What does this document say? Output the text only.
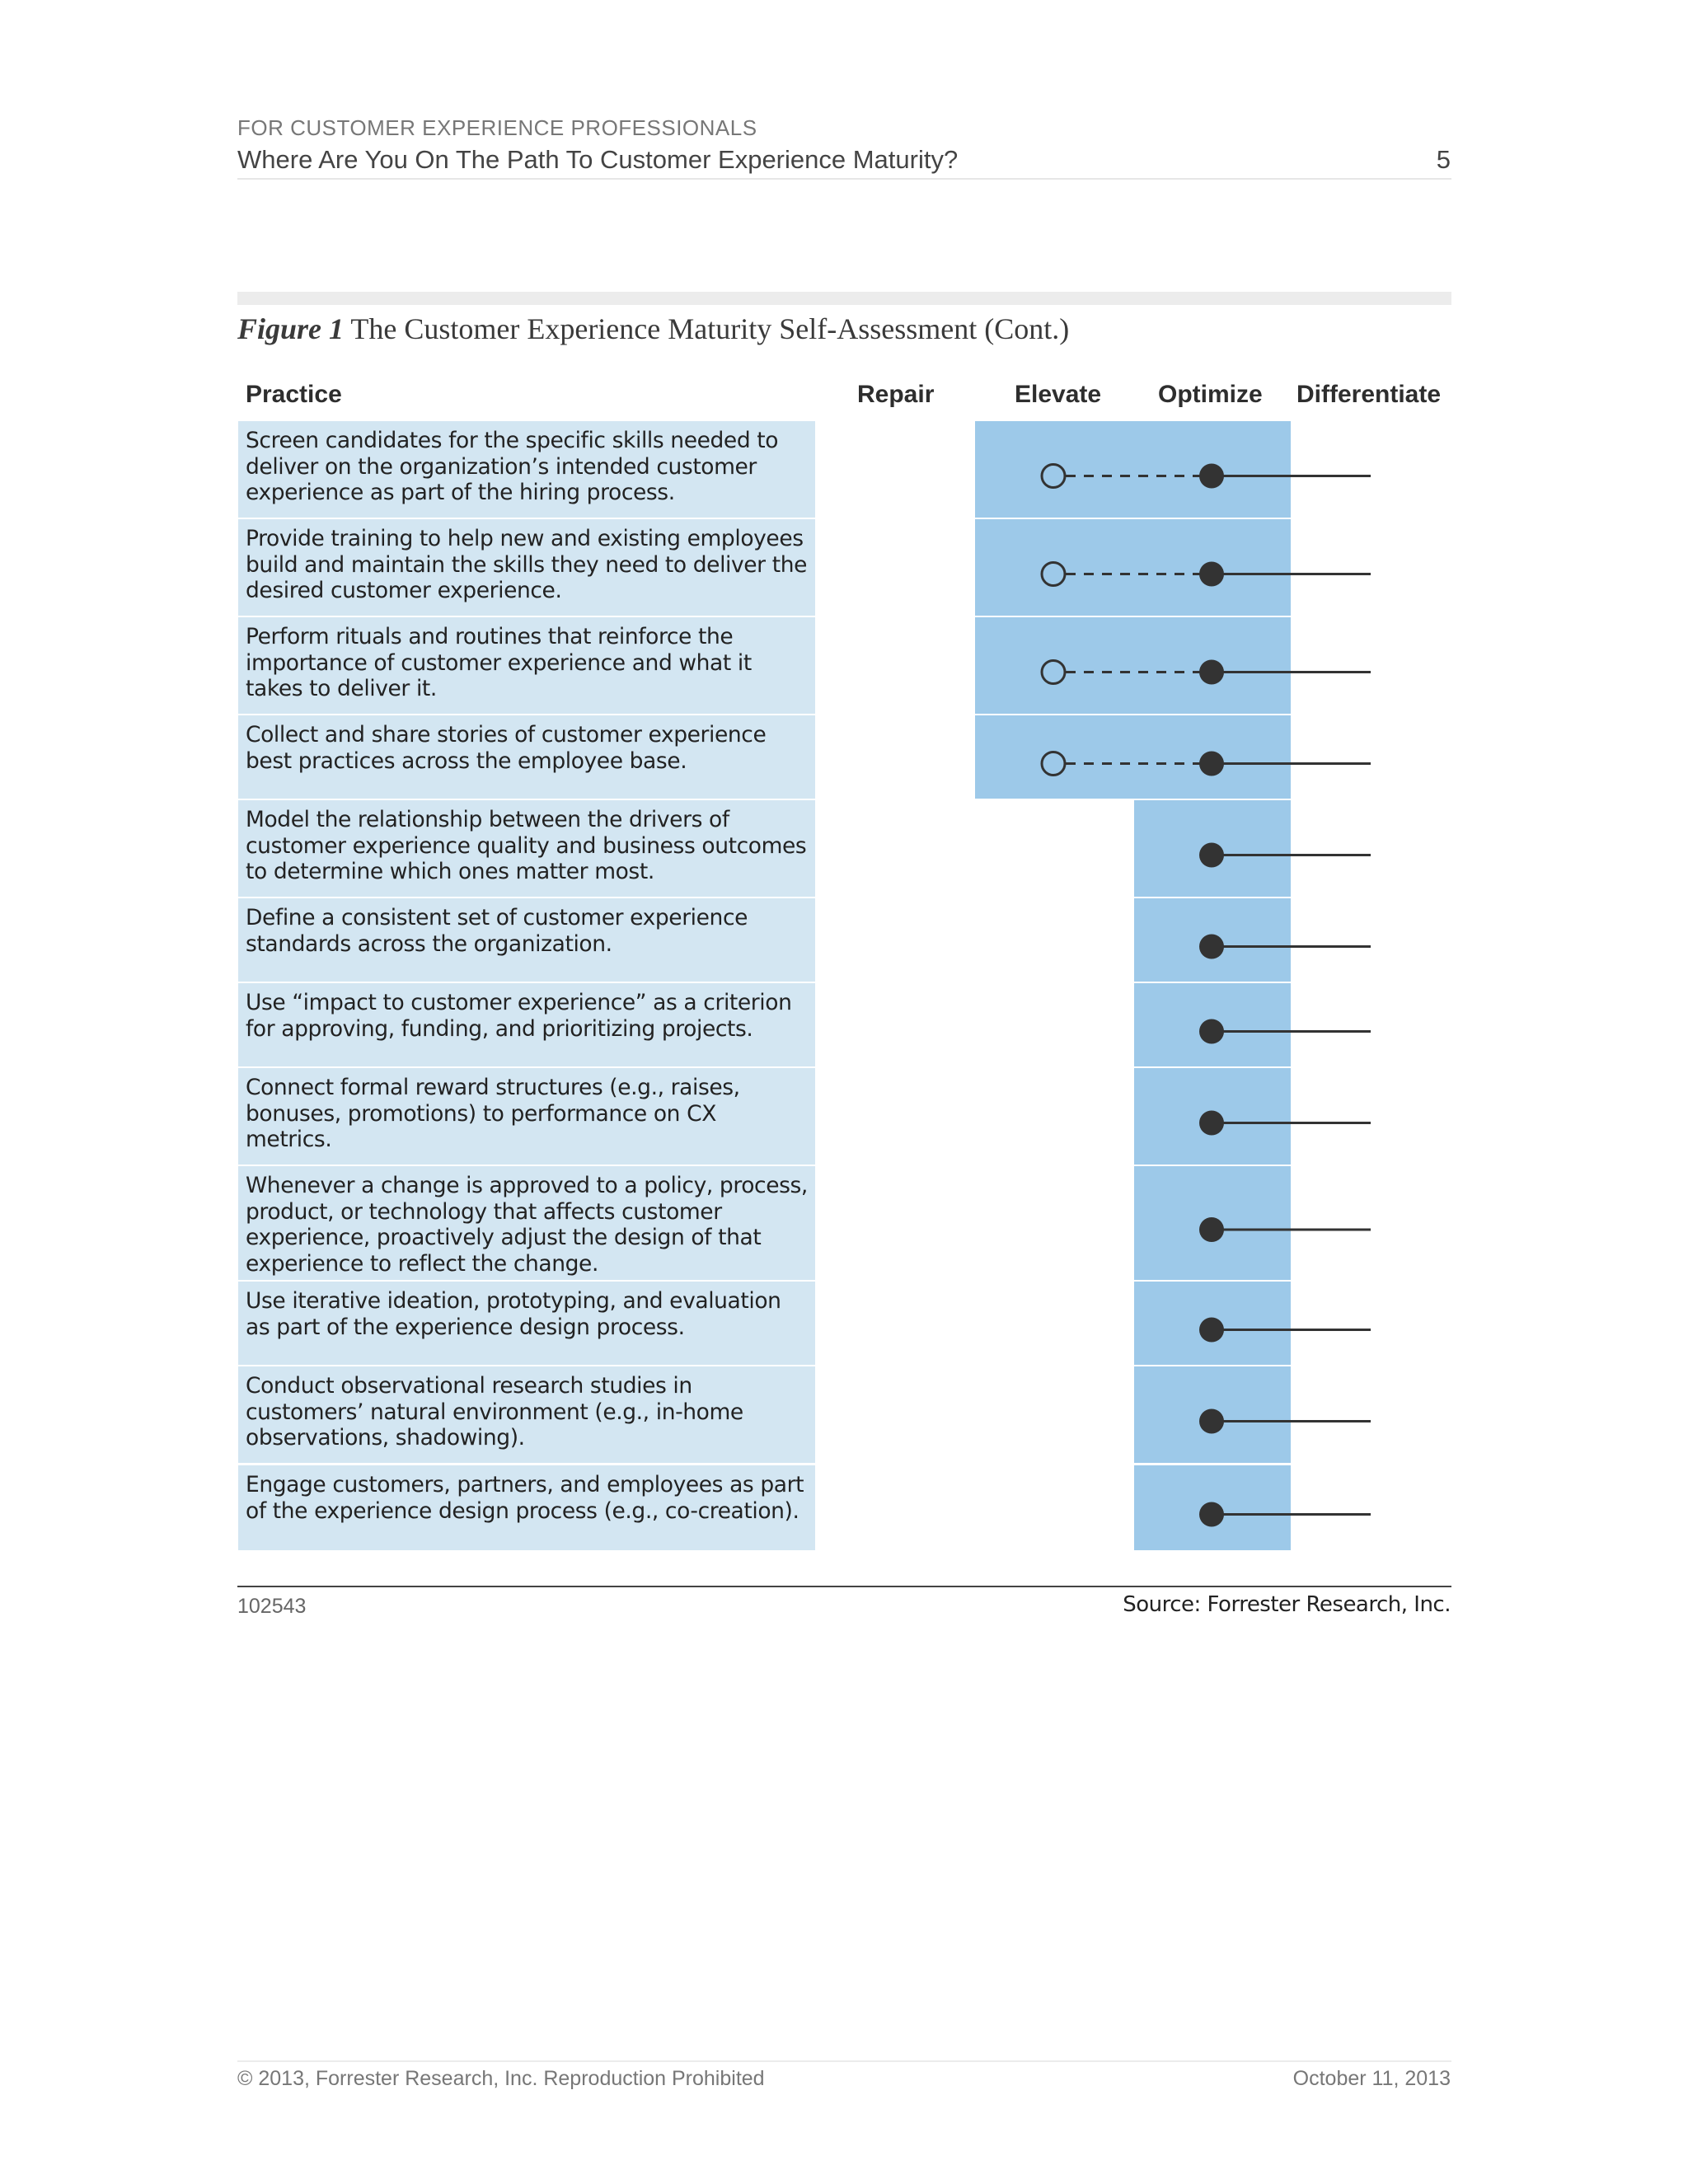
FOR CUSTOMER EXPERIENCE PROFESSIONALS
Where Are You On The Path To Customer Experience Maturity?	5
Figure 1 The Customer Experience Maturity Self-Assessment (Cont.)
Practice	Repair	Elevate Optimize Differentiate
Screen candidates for the specific skills needed to deliver on the organization’s intended customer experience as part of the hiring process.
Provide training to help new and existing employees build and maintain the skills they need to deliver the desired customer experience.
Perform rituals and routines that reinforce the importance of customer experience and what it takes to deliver it.
Collect and share stories of customer experience best practices across the employee base.
Model the relationship between the drivers of customer experience quality and business outcomes to determine which ones matter most.
Define a consistent set of customer experience standards across the organization.
Use “impact to customer experience” as a criterion for approving, funding, and prioritizing projects.
Connect formal reward structures (e.g., raises, bonuses, promotions) to performance on CX metrics.
Whenever a change is approved to a policy, process, product, or technology that affects customer experience, proactively adjust the design of that experience to reflect the change.
Use iterative ideation, prototyping, and evaluation as part of the experience design process.
Conduct observational research studies in customers’ natural environment (e.g., in-home observations, shadowing).
Engage customers, partners, and employees as part of the experience design process (e.g., co-creation).
102543	Source: Forrester Research, Inc.
© 2013, Forrester Research, Inc. Reproduction Prohibited	October 11, 2013
